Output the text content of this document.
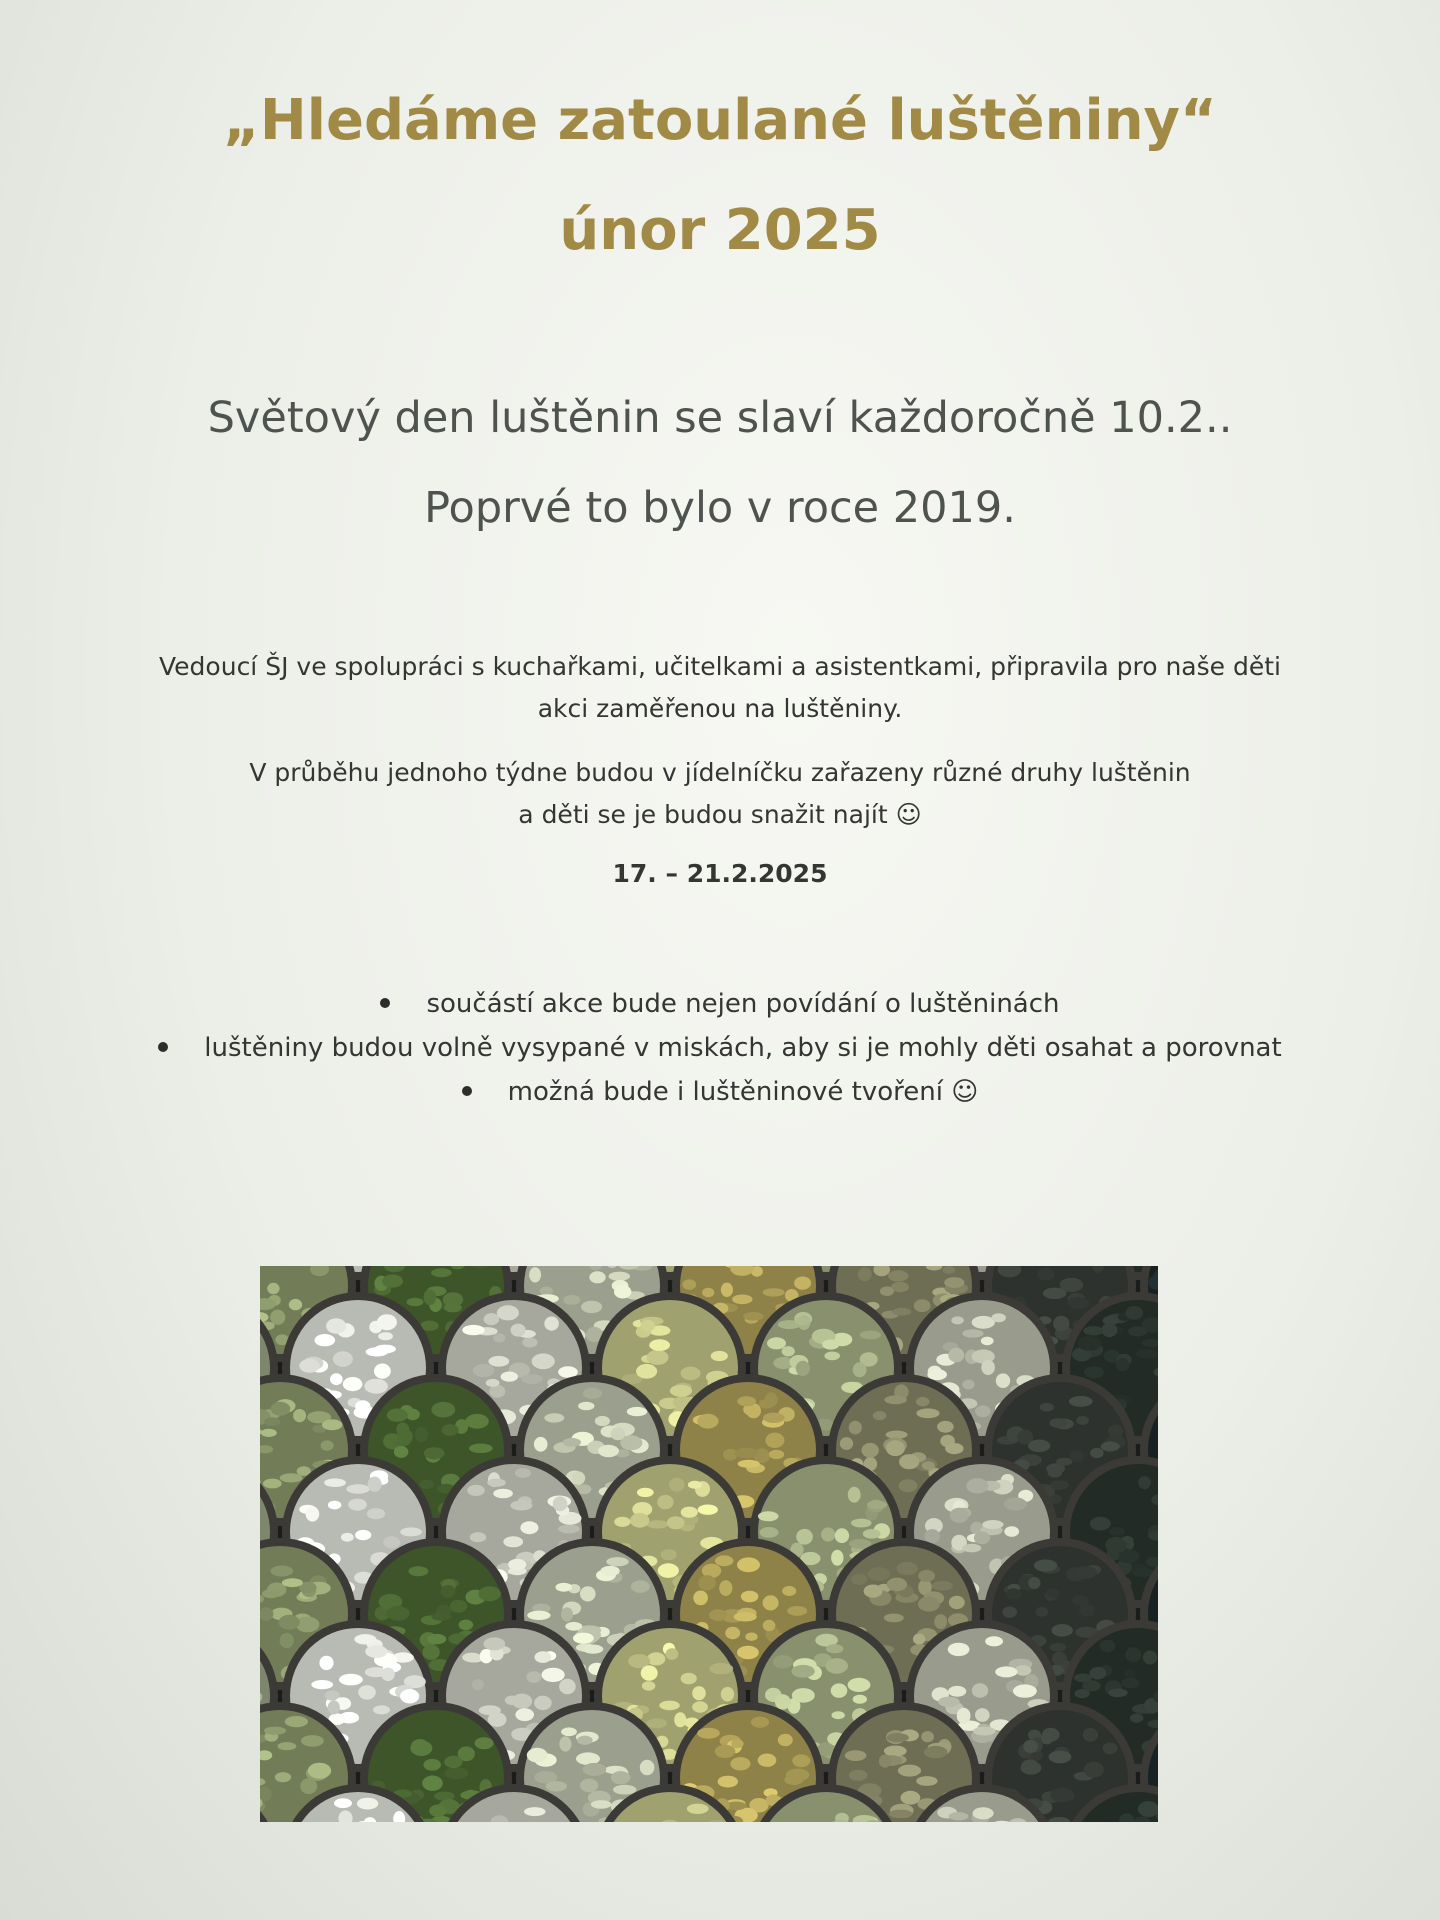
„Hledáme zatoulané luštěniny“
únor 2025

Světový den luštěnin se slaví každoročně 10.2..

Poprvé to bylo v roce 2019.

Vedoucí ŠJ ve spolupráci s kuchařkami, učitelkami a asistentkami, připravila pro naše děti
akci zaměřenou na luštěniny.

V průběhu jednoho týdne budou v jídelníčku zařazeny různé druhy luštěnin
a děti se je budou snažit najít ☺

17. – 21.2.2025

součástí akce bude nejen povídání o luštěninách
luštěniny budou volně vysypané v miskách, aby si je mohly děti osahat a porovnat
možná bude i luštěninové tvoření ☺
